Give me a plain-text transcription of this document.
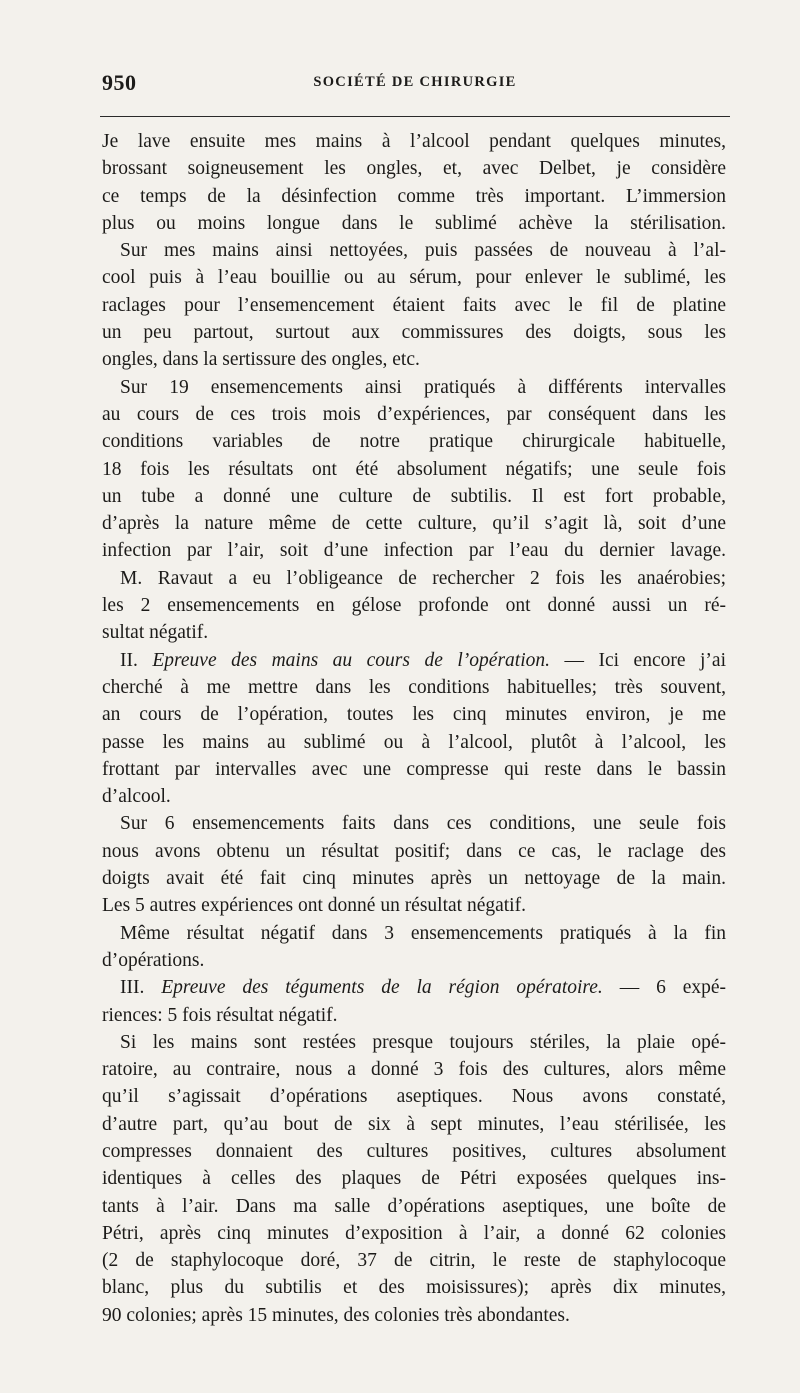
950	SOCIÉTÉ DE CHIRURGIE
Je lave ensuite mes mains à l’alcool pendant quelques minutes,
brossant soigneusement les ongles, et, avec Delbet, je considère
ce temps de la désinfection comme très important. L’immersion
plus ou moins longue dans le sublimé achève la stérilisation.
Sur mes mains ainsi nettoyées, puis passées de nouveau à l’al-
cool puis à l’eau bouillie ou au sérum, pour enlever le sublimé, les
raclages pour l’ensemencement étaient faits avec le fil de platine
un peu partout, surtout aux commissures des doigts, sous les
ongles, dans la sertissure des ongles, etc.
Sur 19 ensemencements ainsi pratiqués à différents intervalles
au cours de ces trois mois d’expériences, par conséquent dans les
conditions variables de notre pratique chirurgicale habituelle,
18 fois les résultats ont été absolument négatifs; une seule fois
un tube a donné une culture de subtilis. Il est fort probable,
d’après la nature même de cette culture, qu’il s’agit là, soit d’une
infection par l’air, soit d’une infection par l’eau du dernier lavage.
M. Ravaut a eu l’obligeance de rechercher 2 fois les anaérobies;
les 2 ensemencements en gélose profonde ont donné aussi un ré-
sultat négatif.
II. Epreuve des mains au cours de l’opération. — Ici encore j’ai
cherché à me mettre dans les conditions habituelles; très souvent,
an cours de l’opération, toutes les cinq minutes environ, je me
passe les mains au sublimé ou à l’alcool, plutôt à l’alcool, les
frottant par intervalles avec une compresse qui reste dans le bassin
d’alcool.
Sur 6 ensemencements faits dans ces conditions, une seule fois
nous avons obtenu un résultat positif; dans ce cas, le raclage des
doigts avait été fait cinq minutes après un nettoyage de la main.
Les 5 autres expériences ont donné un résultat négatif.
Même résultat négatif dans 3 ensemencements pratiqués à la fin
d’opérations.
III. Epreuve des téguments de la région opératoire. — 6 expé-
riences: 5 fois résultat négatif.
Si les mains sont restées presque toujours stériles, la plaie opé-
ratoire, au contraire, nous a donné 3 fois des cultures, alors même
qu’il s’agissait d’opérations aseptiques. Nous avons constaté,
d’autre part, qu’au bout de six à sept minutes, l’eau stérilisée, les
compresses donnaient des cultures positives, cultures absolument
identiques à celles des plaques de Pétri exposées quelques ins-
tants à l’air. Dans ma salle d’opérations aseptiques, une boîte de
Pétri, après cinq minutes d’exposition à l’air, a donné 62 colonies
(2 de staphylocoque doré, 37 de citrin, le reste de staphylocoque
blanc, plus du subtilis et des moisissures); après dix minutes,
90 colonies; après 15 minutes, des colonies très abondantes.
